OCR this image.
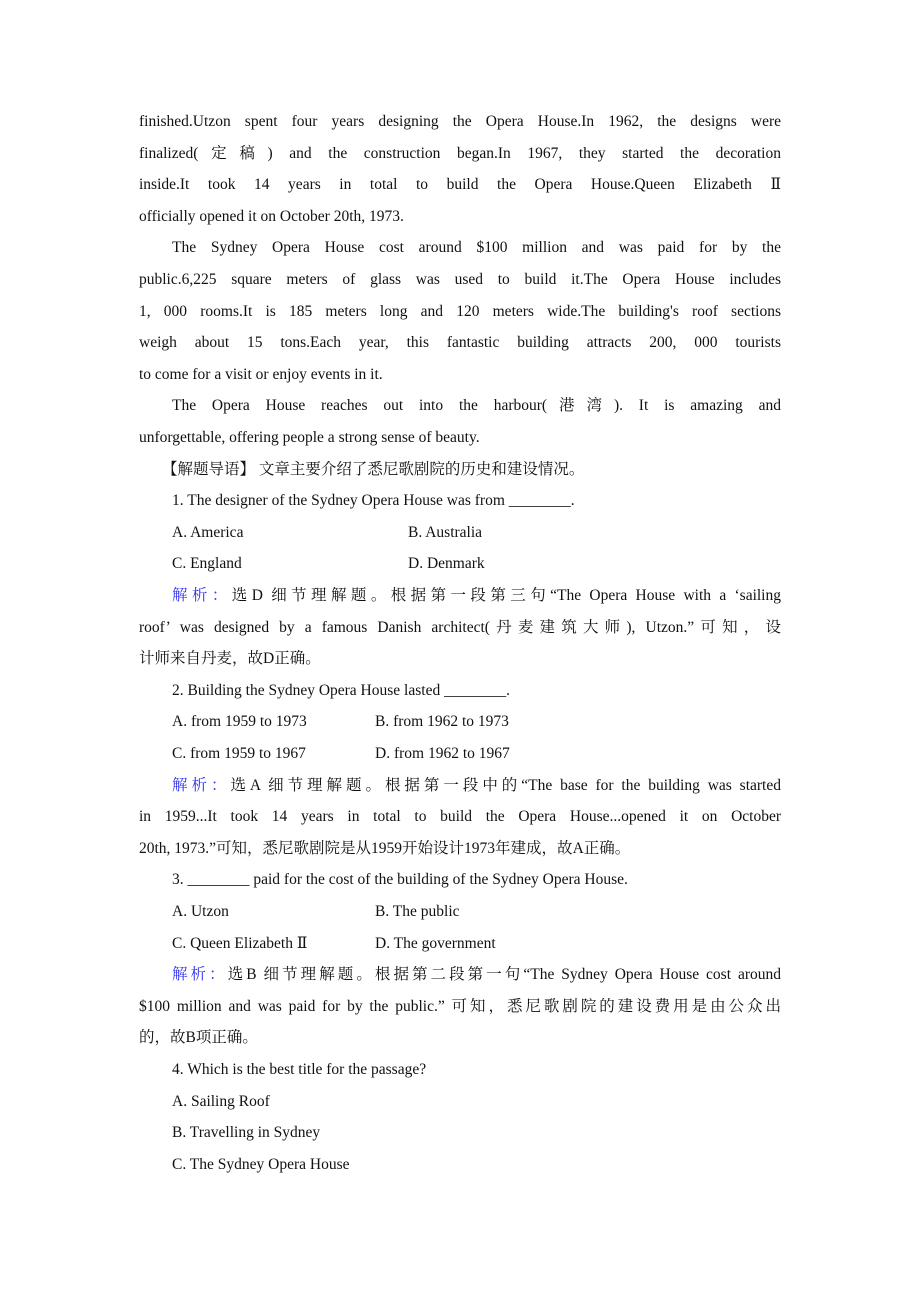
finished.Utzon spent four years designing the Opera House.In 1962, the designs were
finalized(定稿) and the construction began.In 1967, they started the decoration
inside.It took 14 years in total to build the Opera House.Queen Elizabeth Ⅱ
officially opened it on October 20th, 1973.
The Sydney Opera House cost around $100 million and was paid for by the
public.6,225 square meters of glass was used to build it.The Opera House includes
1, 000 rooms.It is 185 meters long and 120 meters wide.The building's roof sections
weigh about 15 tons.Each year, this fantastic building attracts 200, 000 tourists
to come for a visit or enjoy events in it.
The Opera House reaches out into the harbour(港湾). It is amazing and
unforgettable, offering people a strong sense of beauty.
【解题导语】 文章主要介绍了悉尼歌剧院的历史和建设情况。
1. The designer of the Sydney Opera House was from ________.
A. America	B. Australia
C. England	D. Denmark
解析：选D 细节理解题。根据第一段第三句“The Opera House with a ‘sailing
roof’ was designed by a famous Danish architect(丹麦建筑大师), Utzon.”可知，设
计师来自丹麦，故D正确。
2. Building the Sydney Opera House lasted ________.
A. from 1959 to 1973	B. from 1962 to 1973
C. from 1959 to 1967	D. from 1962 to 1967
解析：选A 细节理解题。根据第一段中的“The base for the building was started
in 1959...It took 14 years in total to build the Opera House...opened it on October
20th, 1973.”可知，悉尼歌剧院是从1959开始设计1973年建成，故A正确。
3. ________ paid for the cost of the building of the Sydney Opera House.
A. Utzon	B. The public
C. Queen Elizabeth Ⅱ	D. The government
解析：选B 细节理解题。根据第二段第一句“The Sydney Opera House cost around
$100 million and was paid for by the public.” 可知，悉尼歌剧院的建设费用是由公众出
的，故B项正确。
4. Which is the best title for the passage?
A. Sailing Roof
B. Travelling in Sydney
C. The Sydney Opera House
